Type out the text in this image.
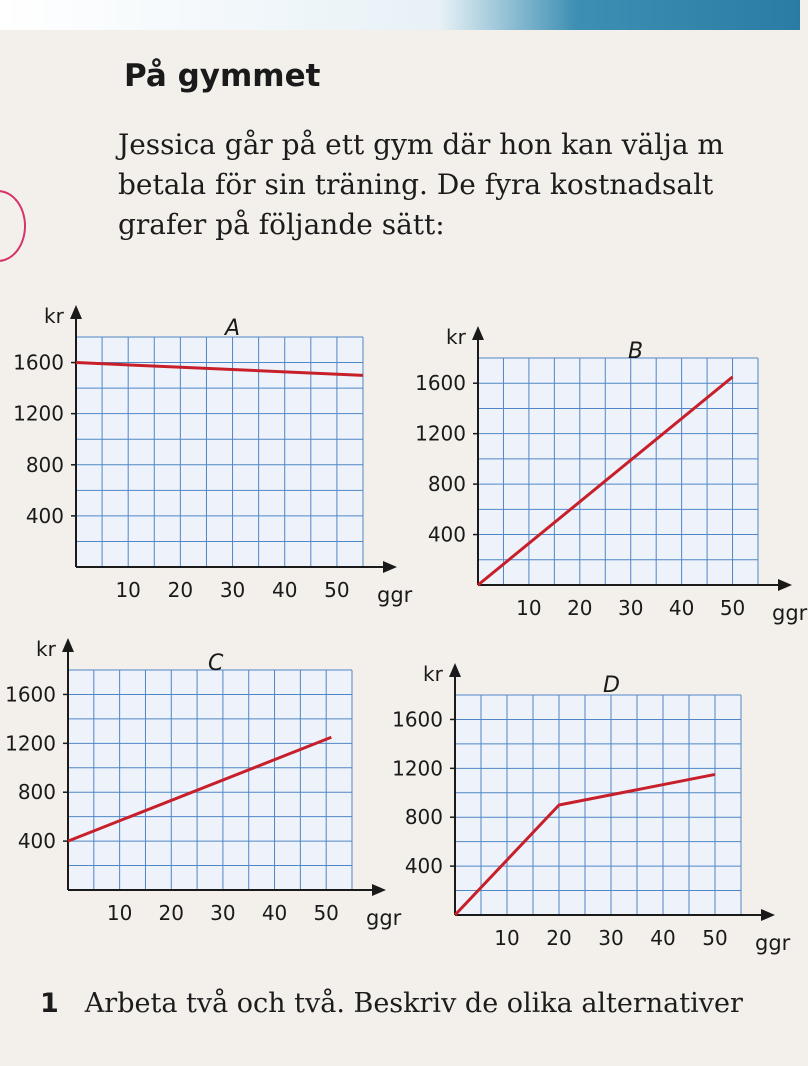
På gymmet

Jessica går på ett gym där hon kan välja m
betala för sin träning. De fyra kostnadsalt
grafer på följande sätt:

10 20 30 40 50
400
800
1200
1600
ggr
kr	A
10 20 30 40 50
400
800
1200
1600
ggr
kr
B
10 20 30 40 50
400
800
1200
1600
ggr
kr
C
10 20 30 40 50
400
800
1200
1600
ggr
kr	D

1 Arbeta två och två. Beskriv de olika alternativer
